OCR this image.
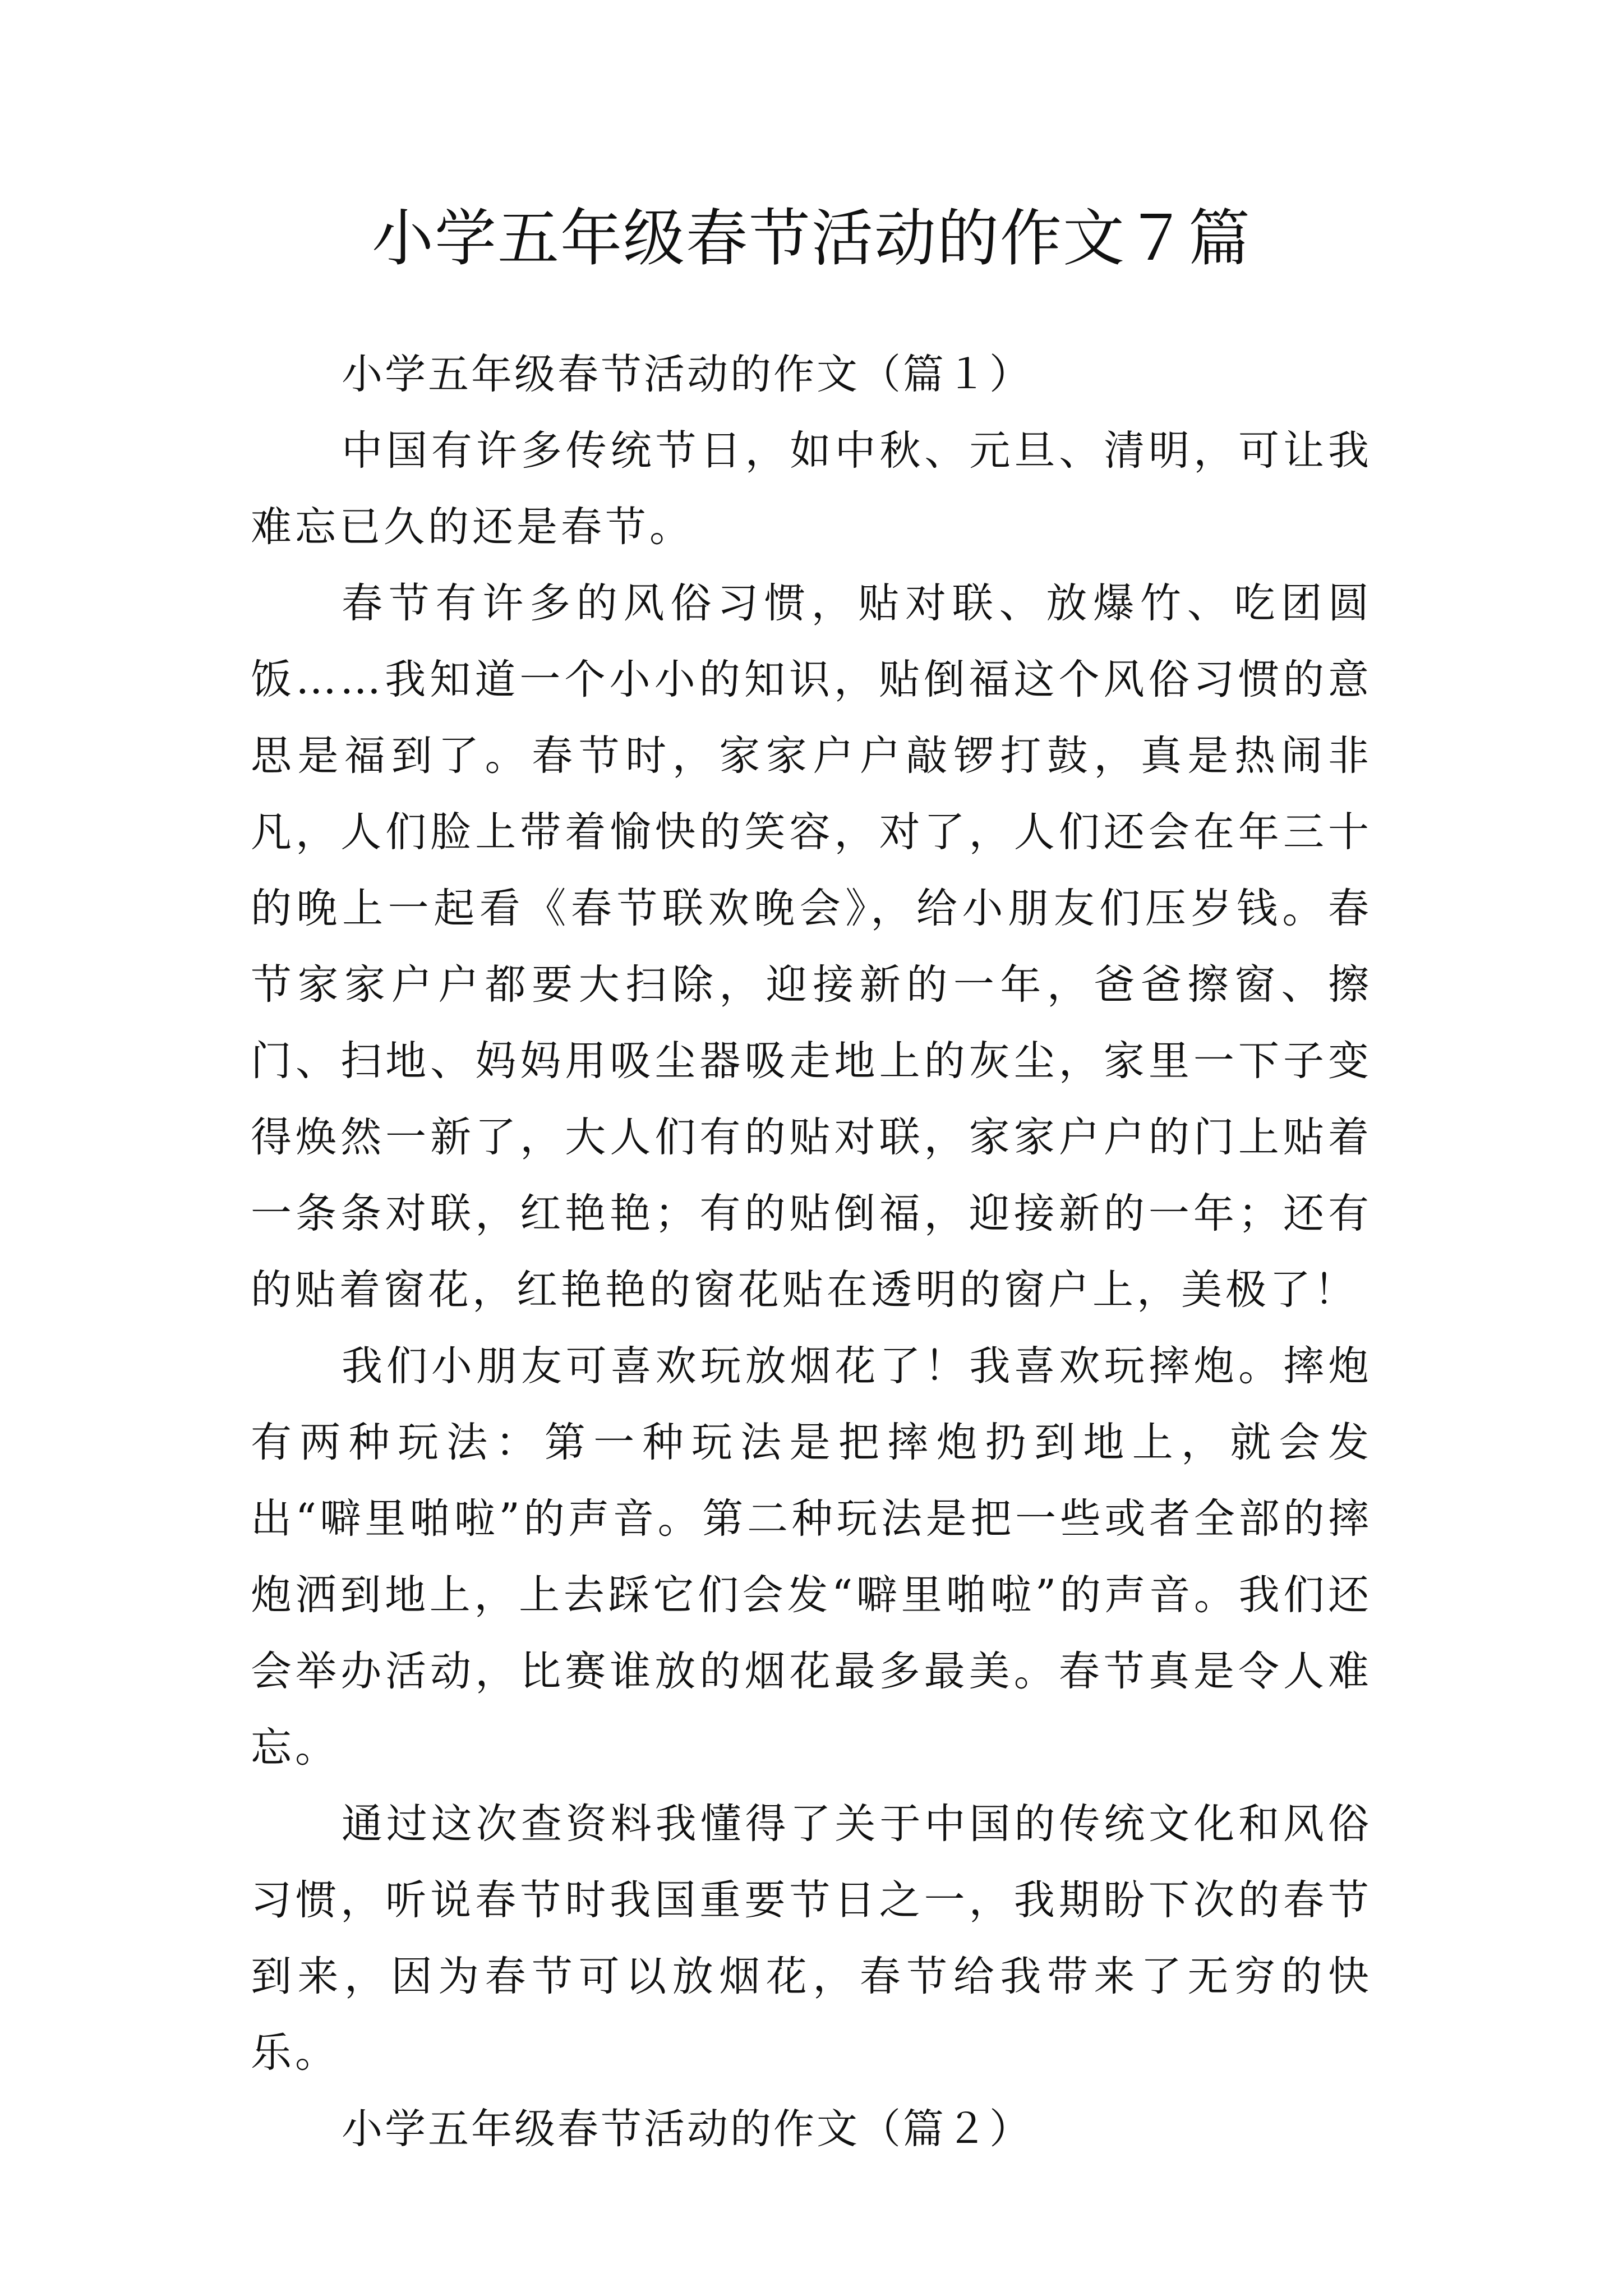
小学五年级春节活动的作文７篇

小学五年级春节活动的作文（篇１）

中国有许多传统节日，如中秋、元旦、清明，可让我难忘已久的还是春节。

春节有许多的风俗习惯，贴对联、放爆竹、吃团圆饭……我知道一个小小的知识，贴倒福这个风俗习惯的意思是福到了。春节时，家家户户敲锣打鼓，真是热闹非凡，人们脸上带着愉快的笑容，对了，人们还会在年三十的晚上一起看《春节联欢晚会》，给小朋友们压岁钱。春节家家户户都要大扫除，迎接新的一年，爸爸擦窗、擦门、扫地、妈妈用吸尘器吸走地上的灰尘，家里一下子变得焕然一新了，大人们有的贴对联，家家户户的门上贴着一条条对联，红艳艳；有的贴倒福，迎接新的一年；还有的贴着窗花，红艳艳的窗花贴在透明的窗户上，美极了！

我们小朋友可喜欢玩放烟花了！我喜欢玩摔炮。摔炮有两种玩法：第一种玩法是把摔炮扔到地上，就会发出“噼里啪啦”的声音。第二种玩法是把一些或者全部的摔炮洒到地上，上去踩它们会发“噼里啪啦”的声音。我们还会举办活动，比赛谁放的烟花最多最美。春节真是令人难忘。

通过这次查资料我懂得了关于中国的传统文化和风俗习惯，听说春节时我国重要节日之一，我期盼下次的春节到来，因为春节可以放烟花，春节给我带来了无穷的快乐。

小学五年级春节活动的作文（篇２）
